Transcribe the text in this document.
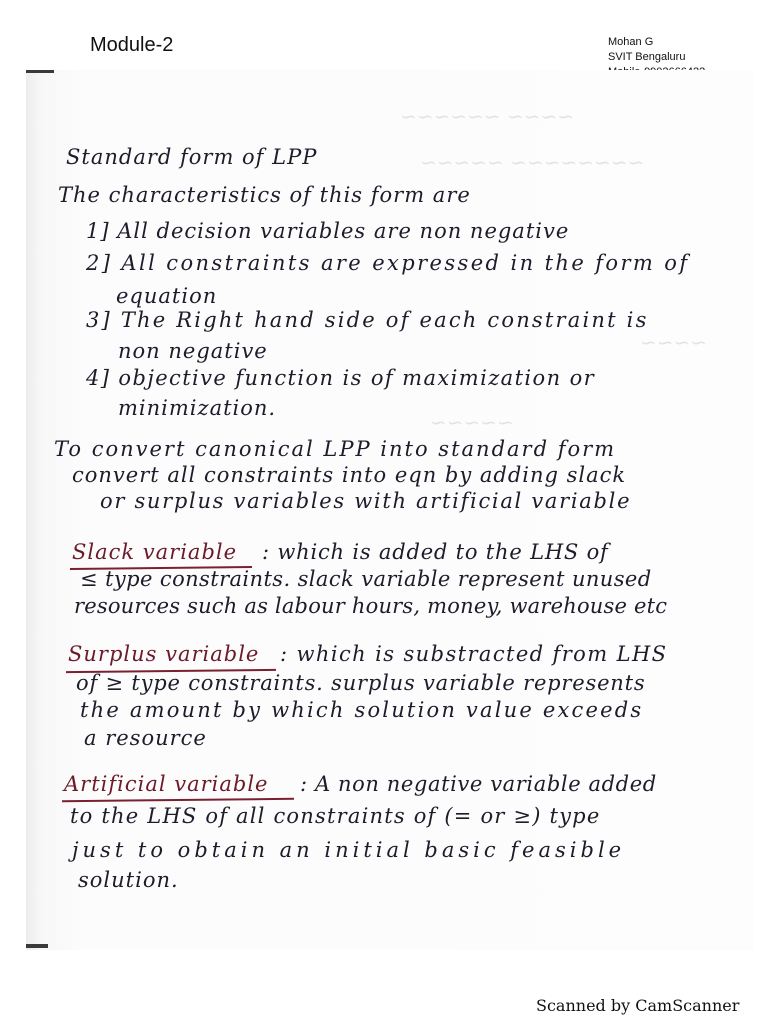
Module-2	Mohan G
SVIT Bengaluru
~~~~ ~~~~~~
~~~~~~~~ ~~~~~
~~~~
~~~~~
Standard form of LPP
The characteristics of this form are
1] All decision variables are non negative
2] All constraints are expressed in the form of
equation
3] The Right hand side of each constraint is
non negative
4] objective function is of maximization or
minimization.
To convert canonical LPP into standard form
convert all constraints into eqn by adding slack
or surplus variables with artificial variable
Slack variable : which is added to the LHS of
≤ type constraints. slack variable represent unused
resources such as labour hours, money, warehouse etc
Surplus variable : which is substracted from LHS
of ≥ type constraints. surplus variable represents
the amount by which solution value exceeds
a resource
Artificial variable : A non negative variable added
to the LHS of all constraints of (= or ≥) type
just to obtain an initial basic feasible
solution.
Scanned by CamScanner
